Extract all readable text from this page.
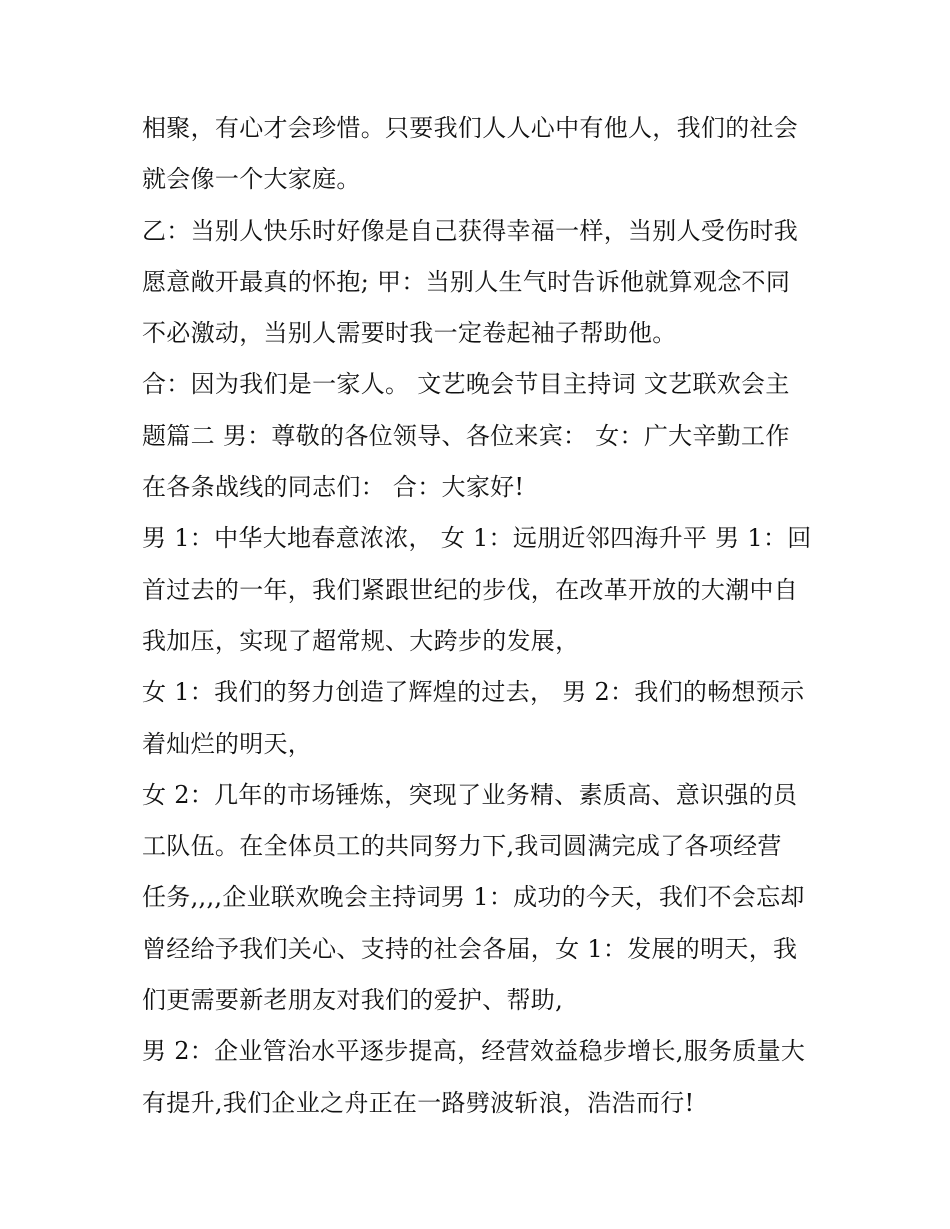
相聚，有心才会珍惜。只要我们人人心中有他人，我们的社会
就会像一个大家庭。
乙：当别人快乐时好像是自己获得幸福一样，当别人受伤时我
愿意敞开最真的怀抱; 甲：当别人生气时告诉他就算观念不同
不必激动，当别人需要时我一定卷起袖子帮助他。
合：因为我们是一家人。 文艺晚会节目主持词 文艺联欢会主
题篇二 男：尊敬的各位领导、各位来宾： 女：广大辛勤工作
在各条战线的同志们： 合：大家好!
男 1：中华大地春意浓浓， 女 1：远朋近邻四海升平 男 1：回
首过去的一年，我们紧跟世纪的步伐，在改革开放的大潮中自
我加压，实现了超常规、大跨步的发展，
女 1：我们的努力创造了辉煌的过去， 男 2：我们的畅想预示
着灿烂的明天，
女 2：几年的市场锤炼，突现了业务精、素质高、意识强的员
工队伍。在全体员工的共同努力下,我司圆满完成了各项经营
任务,,,,企业联欢晚会主持词男 1：成功的今天，我们不会忘却
曾经给予我们关心、支持的社会各届，女 1：发展的明天，我
们更需要新老朋友对我们的爱护、帮助,
男 2：企业管治水平逐步提高，经营效益稳步增长,服务质量大
有提升,我们企业之舟正在一路劈波斩浪，浩浩而行!
